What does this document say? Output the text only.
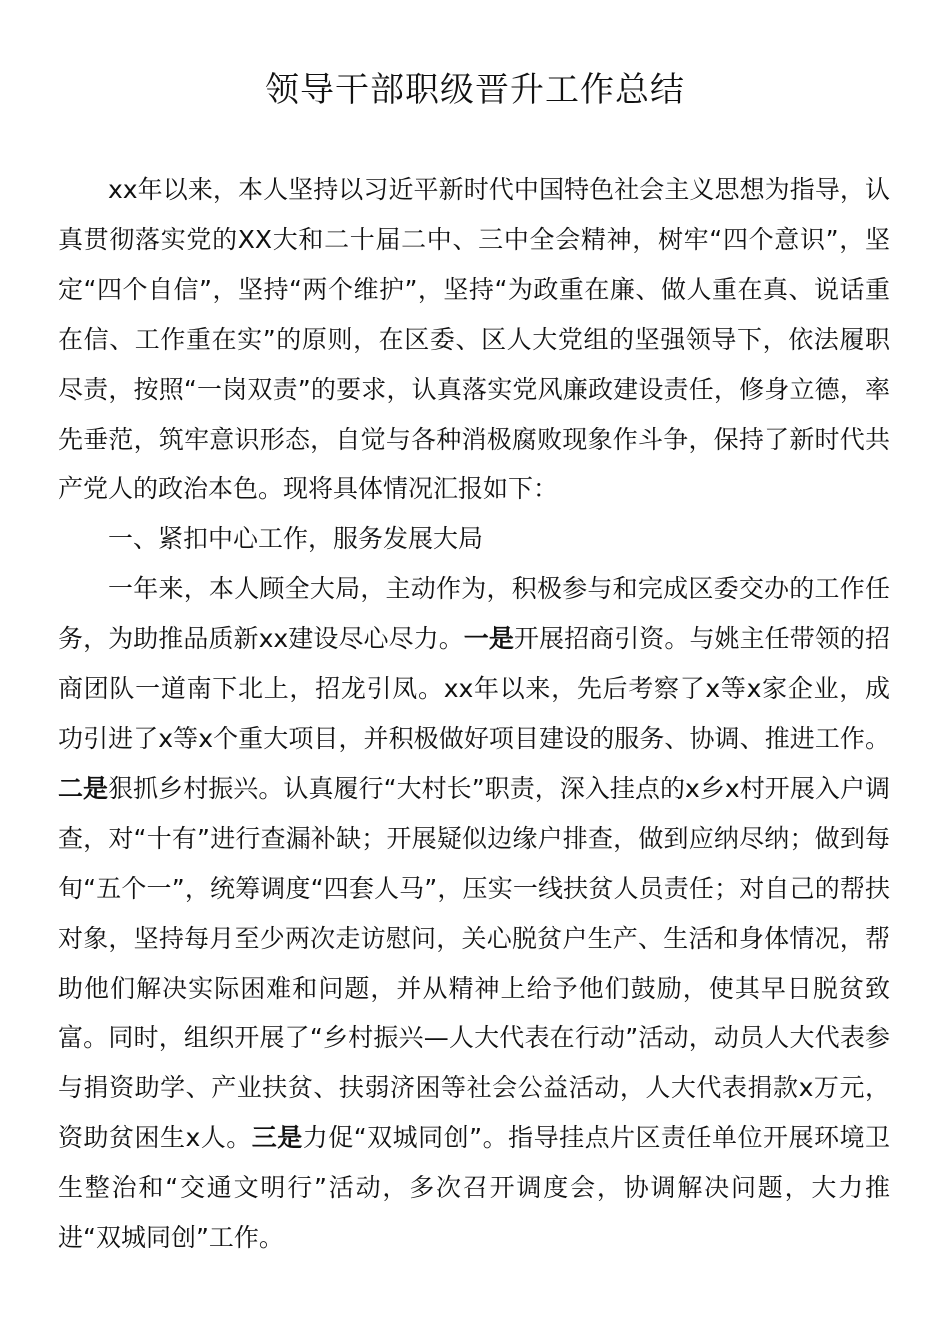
领导干部职级晋升工作总结

xx年以来，本人坚持以习近平新时代中国特色社会主义思想为指导，认真贯彻落实党的XX大和二十届二中、三中全会精神，树牢“四个意识”，坚定“四个自信”，坚持“两个维护”，坚持“为政重在廉、做人重在真、说话重在信、工作重在实”的原则，在区委、区人大党组的坚强领导下，依法履职尽责，按照“一岗双责”的要求，认真落实党风廉政建设责任，修身立德，率先垂范，筑牢意识形态，自觉与各种消极腐败现象作斗争，保持了新时代共产党人的政治本色。现将具体情况汇报如下：

一、紧扣中心工作，服务发展大局

一年来，本人顾全大局，主动作为，积极参与和完成区委交办的工作任务，为助推品质新xx建设尽心尽力。一是开展招商引资。与姚主任带领的招商团队一道南下北上，招龙引凤。xx年以来，先后考察了x等x家企业，成功引进了x等x个重大项目，并积极做好项目建设的服务、协调、推进工作。二是狠抓乡村振兴。认真履行“大村长”职责，深入挂点的x乡x村开展入户调查，对“十有”进行查漏补缺；开展疑似边缘户排查，做到应纳尽纳；做到每旬“五个一”，统筹调度“四套人马”，压实一线扶贫人员责任；对自己的帮扶对象，坚持每月至少两次走访慰问，关心脱贫户生产、生活和身体情况，帮助他们解决实际困难和问题，并从精神上给予他们鼓励，使其早日脱贫致富。同时，组织开展了“乡村振兴—人大代表在行动”活动，动员人大代表参与捐资助学、产业扶贫、扶弱济困等社会公益活动，人大代表捐款x万元，资助贫困生x人。三是力促“双城同创”。指导挂点片区责任单位开展环境卫生整治和“交通文明行”活动，多次召开调度会，协调解决问题，大力推进“双城同创”工作。
